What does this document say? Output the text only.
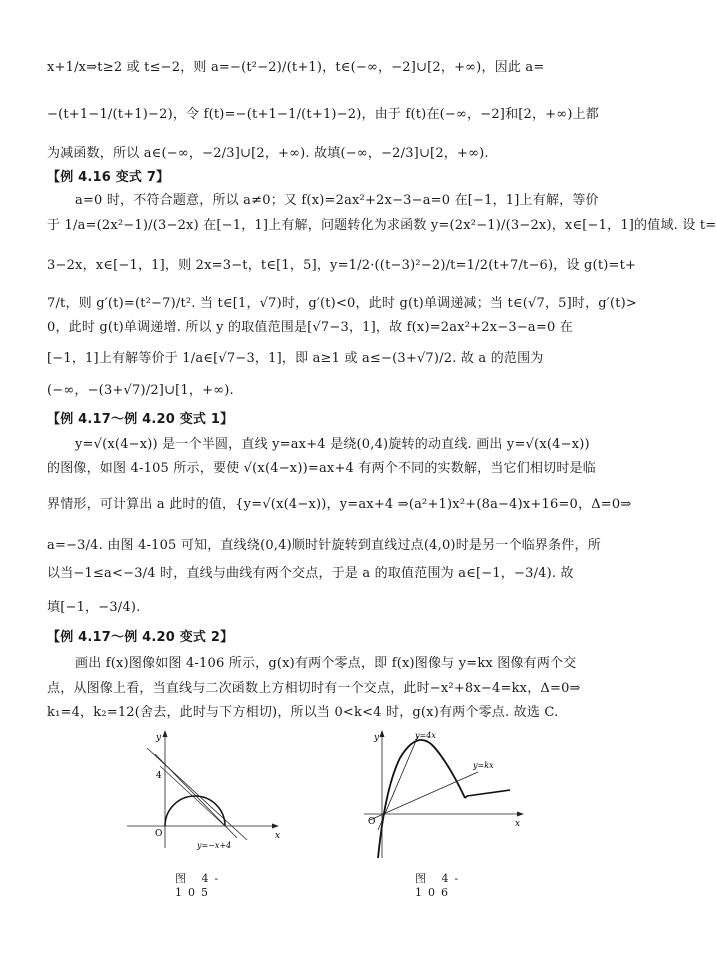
x+1/x⇒t≥2 或 t≤−2，则 a=−(t²−2)/(t+1)，t∈(−∞，−2]∪[2，+∞)，因此 a=
−(t+1−1/(t+1)−2)，令 f(t)=−(t+1−1/(t+1)−2)，由于 f(t)在(−∞，−2]和[2，+∞)上都
为减函数，所以 a∈(−∞，−2/3]∪[2，+∞). 故填(−∞，−2/3]∪[2，+∞).
【例 4.16 变式 7】
a=0 时，不符合题意，所以 a≠0；又 f(x)=2ax²+2x−3−a=0 在[−1，1]上有解，等价
于 1/a=(2x²−1)/(3−2x) 在[−1，1]上有解，问题转化为求函数 y=(2x²−1)/(3−2x)，x∈[−1，1]的值域. 设 t=
3−2x，x∈[−1，1]，则 2x=3−t，t∈[1，5]，y=1/2·((t−3)²−2)/t=1/2(t+7/t−6)，设 g(t)=t+
7/t，则 g′(t)=(t²−7)/t². 当 t∈[1，√7)时，g′(t)<0，此时 g(t)单调递减；当 t∈(√7，5]时，g′(t)>
0，此时 g(t)单调递增. 所以 y 的取值范围是[√7−3，1]，故 f(x)=2ax²+2x−3−a=0 在
[−1，1]上有解等价于 1/a∈[√7−3，1]，即 a≥1 或 a≤−(3+√7)/2. 故 a 的范围为
(−∞，−(3+√7)/2]∪[1，+∞).
【例 4.17～例 4.20 变式 1】
y=√(x(4−x)) 是一个半圆，直线 y=ax+4 是绕(0,4)旋转的动直线. 画出 y=√(x(4−x))
的图像，如图 4-105 所示，要使 √(x(4−x))=ax+4 有两个不同的实数解，当它们相切时是临
界情形，可计算出 a 此时的值，{y=√(x(4−x))，y=ax+4 ⇒(a²+1)x²+(8a−4)x+16=0，Δ=0⇒
a=−3/4. 由图 4-105 可知，直线绕(0,4)顺时针旋转到直线过点(4,0)时是另一个临界条件，所
以当−1≤a<−3/4 时，直线与曲线有两个交点，于是 a 的取值范围为 a∈[−1，−3/4). 故
填[−1，−3/4).
【例 4.17～例 4.20 变式 2】
画出 f(x)图像如图 4-106 所示，g(x)有两个零点，即 f(x)图像与 y=kx 图像有两个交
点，从图像上看，当直线与二次函数上方相切时有一个交点，此时−x²+8x−4=kx，Δ=0⇒
k₁=4，k₂=12(舍去，此时与下方相切)，所以当 0<k<4 时，g(x)有两个零点. 故选 C.
y
x
O
4
y=−x+4
图 4-105
y
x
O
y=4x
y=kx
图 4-106
